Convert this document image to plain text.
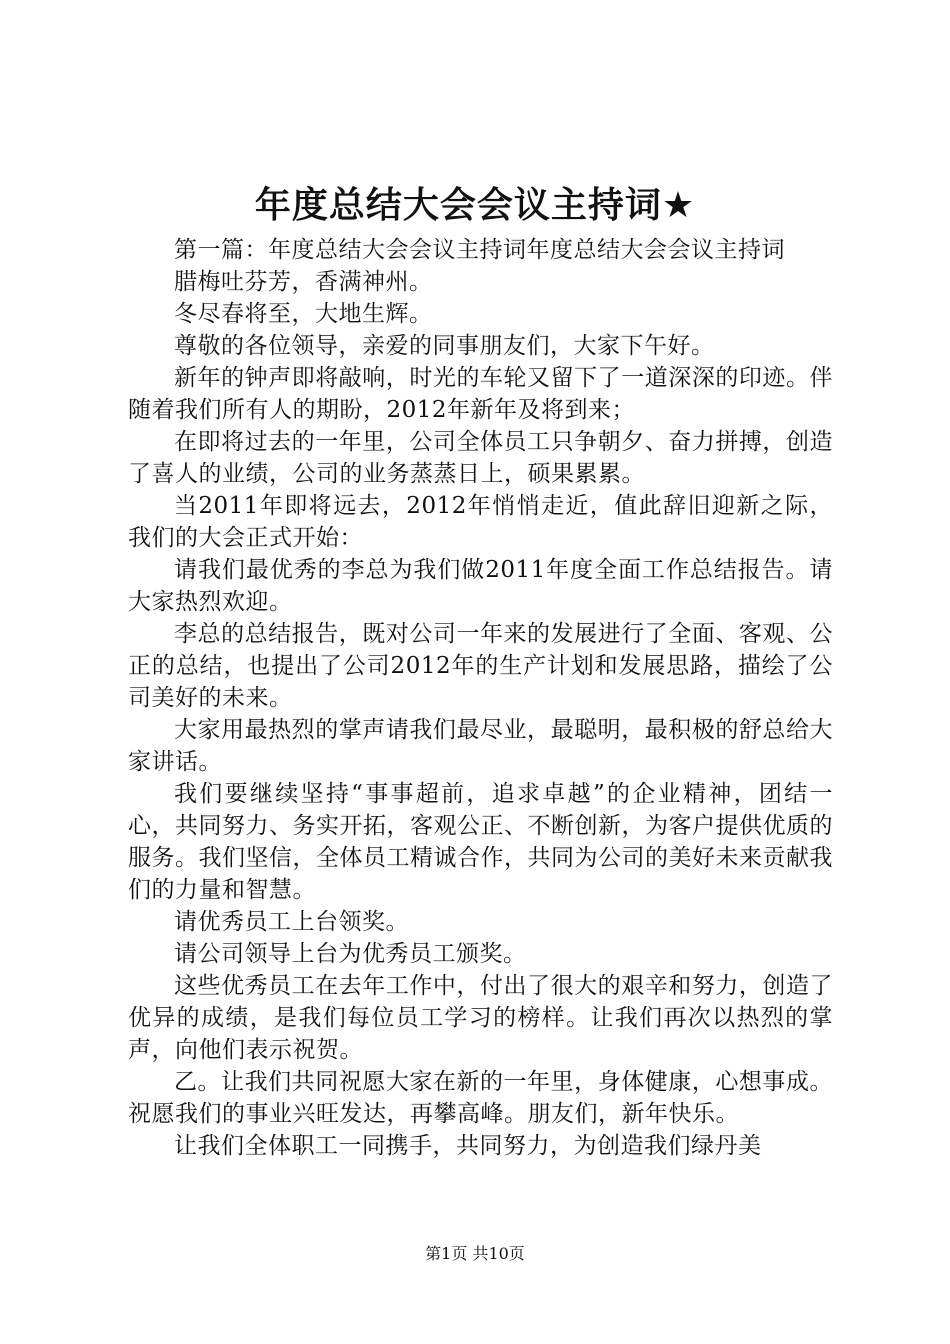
年度总结大会会议主持词★

第一篇：年度总结大会会议主持词年度总结大会会议主持词

腊梅吐芬芳，香满神州。

冬尽春将至，大地生辉。

尊敬的各位领导，亲爱的同事朋友们，大家下午好。

新年的钟声即将敲响，时光的车轮又留下了一道深深的印迹。伴随着我们所有人的期盼，2012年新年及将到来；

在即将过去的一年里，公司全体员工只争朝夕、奋力拼搏，创造了喜人的业绩，公司的业务蒸蒸日上，硕果累累。

当2011年即将远去，2012年悄悄走近，值此辞旧迎新之际，我们的大会正式开始：

请我们最优秀的李总为我们做2011年度全面工作总结报告。请大家热烈欢迎。

李总的总结报告，既对公司一年来的发展进行了全面、客观、公正的总结，也提出了公司2012年的生产计划和发展思路，描绘了公司美好的未来。

大家用最热烈的掌声请我们最尽业，最聪明，最积极的舒总给大家讲话。

我们要继续坚持“事事超前，追求卓越”的企业精神，团结一心，共同努力、务实开拓，客观公正、不断创新，为客户提供优质的服务。我们坚信，全体员工精诚合作，共同为公司的美好未来贡献我们的力量和智慧。

请优秀员工上台领奖。

请公司领导上台为优秀员工颁奖。

这些优秀员工在去年工作中，付出了很大的艰辛和努力，创造了优异的成绩，是我们每位员工学习的榜样。让我们再次以热烈的掌声，向他们表示祝贺。

乙。让我们共同祝愿大家在新的一年里，身体健康，心想事成。祝愿我们的事业兴旺发达，再攀高峰。朋友们，新年快乐。

让我们全体职工一同携手，共同努力，为创造我们绿丹美

第1页 共10页
